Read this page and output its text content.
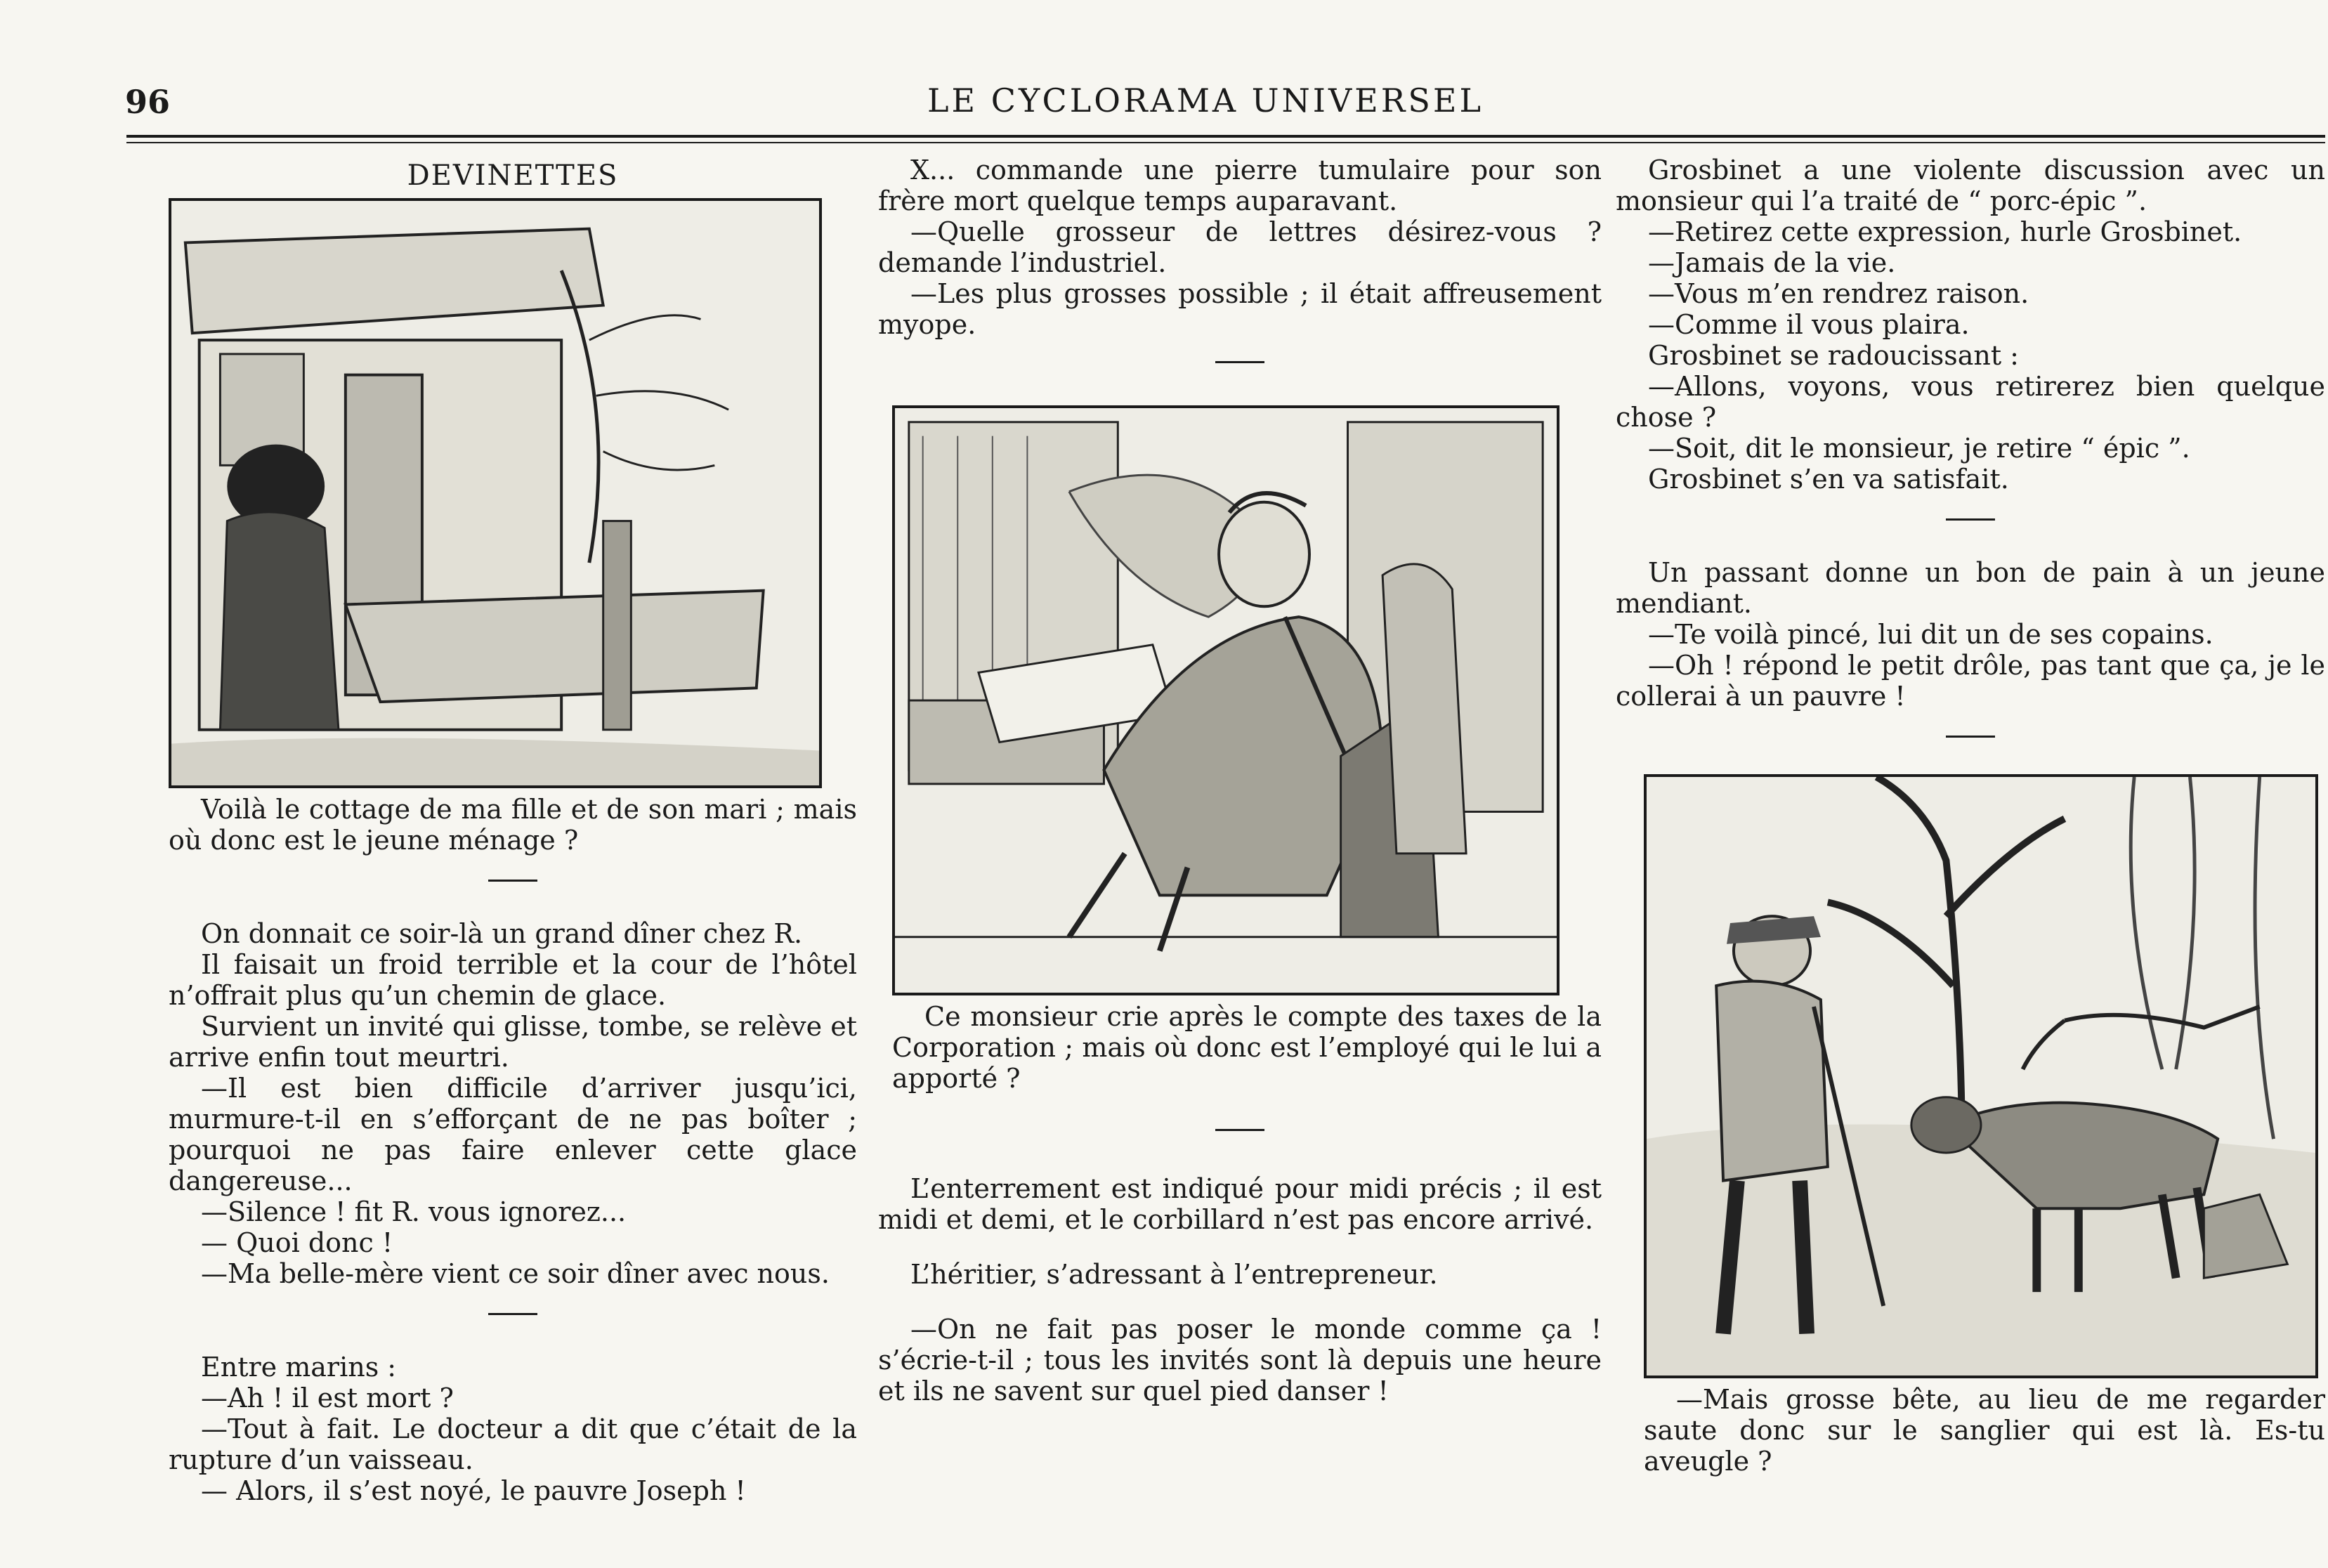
96	LE CYCLORAMA UNIVERSEL
DEVINETTES

Voilà le cottage de ma fille et de son mari ; mais où donc est le jeune ménage ?

On donnait ce soir-là un grand dîner chez R.

Il faisait un froid terrible et la cour de l’hôtel n’offrait plus qu’un chemin de glace.

Survient un invité qui glisse, tombe, se relève et arrive enfin tout meurtri.

—Il est bien difficile d’arriver jusqu’ici, murmure-t-il en s’efforçant de ne pas boîter ; pourquoi ne pas faire enlever cette glace dangereuse...

—Silence ! fit R. vous ignorez...

— Quoi donc !

—Ma belle-mère vient ce soir dîner avec nous.

Entre marins :

—Ah ! il est mort ?

—Tout à fait. Le docteur a dit que c’était de la rupture d’un vaisseau.

— Alors, il s’est noyé, le pauvre Joseph !

X... commande une pierre tumulaire pour son frère mort quelque temps auparavant.

—Quelle grosseur de lettres désirez-vous ? demande l’industriel.

—Les plus grosses possible ; il était affreusement myope.

Ce monsieur crie après le compte des taxes de la Corporation ; mais où donc est l’employé qui le lui a apporté ?

L’enterrement est indiqué pour midi précis ; il est midi et demi, et le corbillard n’est pas encore arrivé.

L’héritier, s’adressant à l’entrepreneur.

—On ne fait pas poser le monde comme ça ! s’écrie-t-il ; tous les invités sont là depuis une heure et ils ne savent sur quel pied danser !

Grosbinet a une violente discussion avec un monsieur qui l’a traité de “ porc-épic ”.

—Retirez cette expression, hurle Grosbinet.

—Jamais de la vie.

—Vous m’en rendrez raison.

—Comme il vous plaira.

Grosbinet se radoucissant :

—Allons, voyons, vous retirerez bien quelque chose ?

—Soit, dit le monsieur, je retire “ épic ”.

Grosbinet s’en va satisfait.

Un passant donne un bon de pain à un jeune mendiant.

—Te voilà pincé, lui dit un de ses copains.

—Oh ! répond le petit drôle, pas tant que ça, je le collerai à un pauvre !

—Mais grosse bête, au lieu de me regarder saute donc sur le sanglier qui est là. Es-tu aveugle ?
